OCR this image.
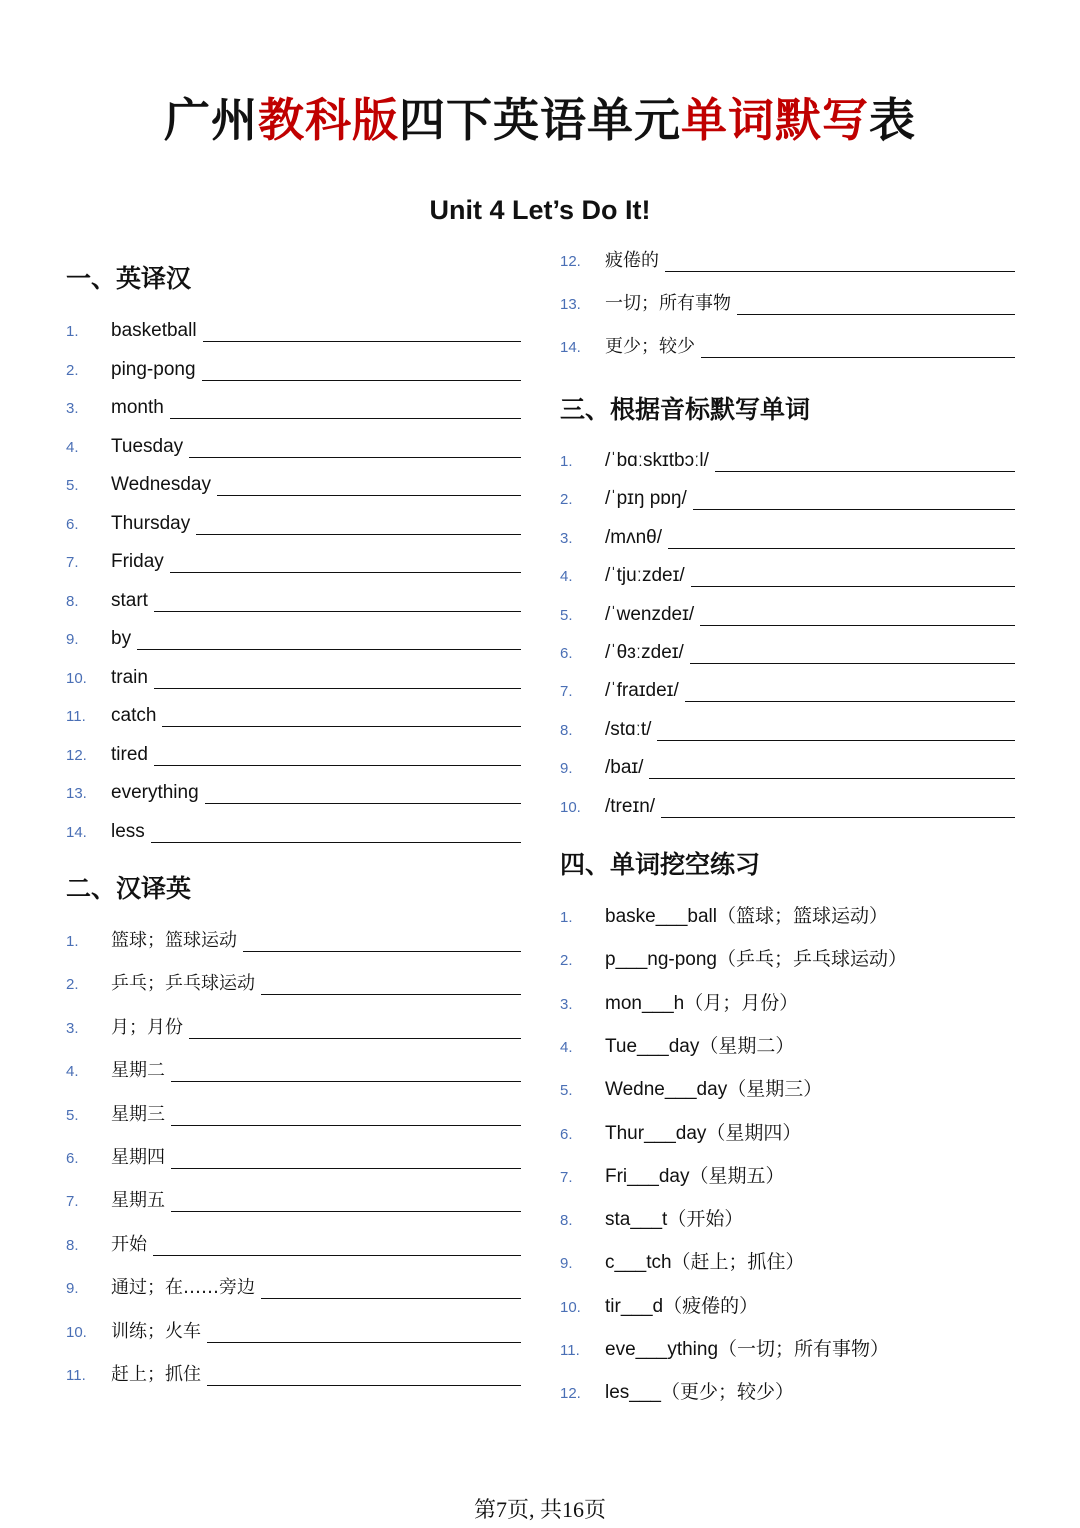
广州教科版四下英语单元单词默写表
Unit 4 Let’s Do It!
一、英译汉
1.	basketball
2.	ping-pong
3.	month
4.	Tuesday
5.	Wednesday
6.	Thursday
7.	Friday
8.	start
9.	by
10.	train
11.	catch
12.	tired
13.	everything
14.	less
二、汉译英
1.	篮球；篮球运动
2.	乒乓；乒乓球运动
3.	月；月份
4.	星期二
5.	星期三
6.	星期四
7.	星期五
8.	开始
9.	通过；在……旁边
10.	训练；火车
11.	赶上；抓住
12.	疲倦的
13.	一切；所有事物
14.	更少；较少
三、根据音标默写单词
1.	/ˈbɑːskɪtbɔːl/
2.	/ˈpɪŋ pɒŋ/
3.	/mʌnθ/
4.	/ˈtjuːzdeɪ/
5.	/ˈwenzdeɪ/
6.	/ˈθɜːzdeɪ/
7.	/ˈfraɪdeɪ/
8.	/stɑːt/
9.	/baɪ/
10.	/treɪn/
四、单词挖空练习
1.	baske___ball（篮球；篮球运动）
2.	p___ng-pong（乒乓；乒乓球运动）
3.	mon___h（月；月份）
4.	Tue___day（星期二）
5.	Wedne___day（星期三）
6.	Thur___day（星期四）
7.	Fri___day（星期五）
8.	sta___t（开始）
9.	c___tch（赶上；抓住）
10.	tir___d（疲倦的）
11.	eve___ything（一切；所有事物）
12.	les___（更少；较少）
第7页, 共16页
